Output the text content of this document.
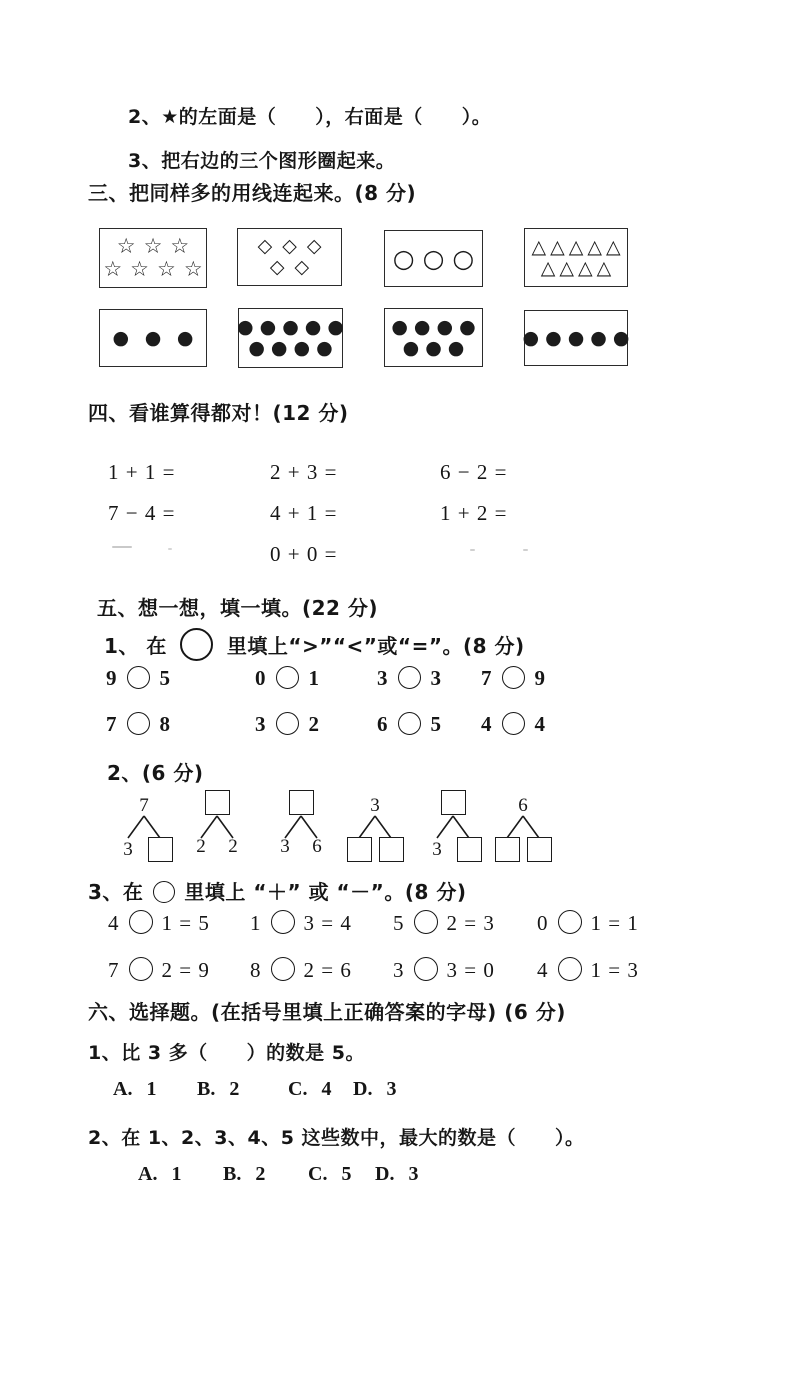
2、★的左面是（　　），右面是（　　）。
3、把右边的三个图形圈起来。
三、把同样多的用线连起来。(8 分)
☆ ☆ ☆
☆ ☆ ☆ ☆
◇ ◇ ◇
◇ ◇	○ ○ ○	△ △ △ △ △
△ △ △ △
● ● ● ● ● ● ● ●
● ● ● ●
● ● ● ●
● ● ●	● ● ● ● ●
四、看谁算得都对！(12 分)
1 + 1 =	2 + 3 =	6 − 2 =
7 − 4 =	4 + 1 =	1 + 2 =
0 + 0 =
五、想一想，填一填。(22 分)
1、 在	里填上“>”“<”或“=”。(8 分)
9 5	0 1	3 3	7 9
7 8	3 2	6 5	4 4
2、(6 分)
7
3	2 2 3 6
3
3
6
3、在 里填上 “＋” 或 “－”。(8 分)
4 1 = 5	1 3 = 4	5 2 = 3	0 1 = 1
7 2 = 9	8 2 = 6	3 3 = 0	4 1 = 3
六、选择题。(在括号里填上正确答案的字母) (6 分)
1、比 3 多（　　）的数是 5。
A. 1	B. 2	C. 4	D. 3
2、在 1、2、3、4、5 这些数中，最大的数是（　　）。
A. 1	B. 2	C. 5	D. 3
